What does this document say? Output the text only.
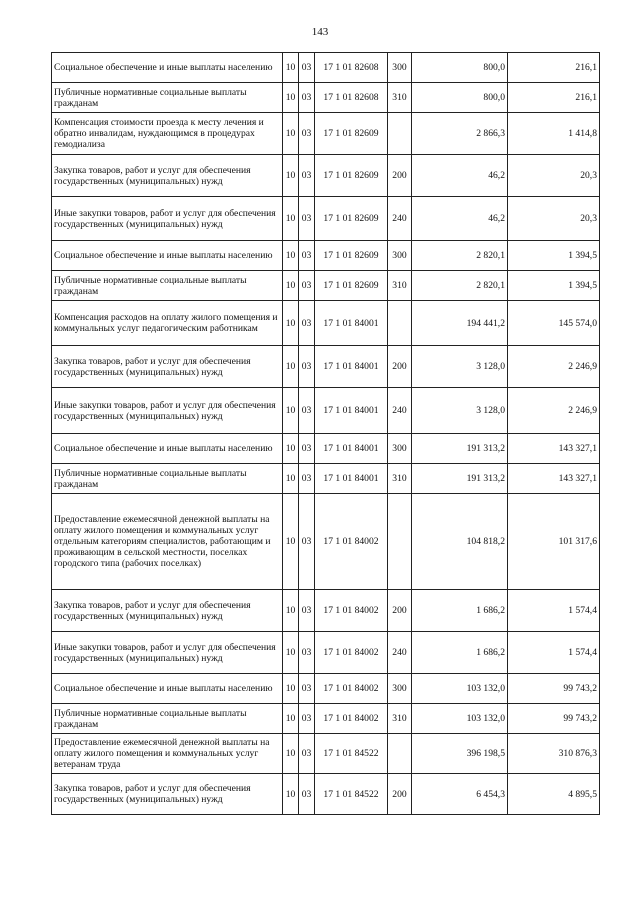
143
Социальное обеспечение и иные выплаты населению	10	03	17 1 01 82608	300	800,0	216,1
Публичные нормативные социальные выплаты гражданам	10	03	17 1 01 82608	310	800,0	216,1
Компенсация стоимости проезда к месту лечения и обратно инвалидам, нуждающимся в процедурах гемодиализа	10	03	17 1 01 82609		2 866,3	1 414,8
Закупка товаров, работ и услуг для обеспечения государственных (муниципальных) нужд	10	03	17 1 01 82609	200	46,2	20,3
Иные закупки товаров, работ и услуг для обеспечения государственных (муниципальных) нужд	10	03	17 1 01 82609	240	46,2	20,3
Социальное обеспечение и иные выплаты населению	10	03	17 1 01 82609	300	2 820,1	1 394,5
Публичные нормативные социальные выплаты гражданам	10	03	17 1 01 82609	310	2 820,1	1 394,5
Компенсация расходов на оплату жилого помещения и коммунальных услуг педагогическим работникам	10	03	17 1 01 84001		194 441,2	145 574,0
Закупка товаров, работ и услуг для обеспечения государственных (муниципальных) нужд	10	03	17 1 01 84001	200	3 128,0	2 246,9
Иные закупки товаров, работ и услуг для обеспечения государственных (муниципальных) нужд	10	03	17 1 01 84001	240	3 128,0	2 246,9
Социальное обеспечение и иные выплаты населению	10	03	17 1 01 84001	300	191 313,2	143 327,1
Публичные нормативные социальные выплаты гражданам	10	03	17 1 01 84001	310	191 313,2	143 327,1
Предоставление ежемесячной денежной выплаты на оплату жилого помещения и коммунальных услуг отдельным категориям специалистов, работающим и проживающим в сельской местности, поселках городского типа (рабочих поселках)	10	03	17 1 01 84002		104 818,2	101 317,6
Закупка товаров, работ и услуг для обеспечения государственных (муниципальных) нужд	10	03	17 1 01 84002	200	1 686,2	1 574,4
Иные закупки товаров, работ и услуг для обеспечения государственных (муниципальных) нужд	10	03	17 1 01 84002	240	1 686,2	1 574,4
Социальное обеспечение и иные выплаты населению	10	03	17 1 01 84002	300	103 132,0	99 743,2
Публичные нормативные социальные выплаты гражданам	10	03	17 1 01 84002	310	103 132,0	99 743,2
Предоставление ежемесячной денежной выплаты на оплату жилого помещения и коммунальных услуг ветеранам труда	10	03	17 1 01 84522		396 198,5	310 876,3
Закупка товаров, работ и услуг для обеспечения государственных (муниципальных) нужд	10	03	17 1 01 84522	200	6 454,3	4 895,5
